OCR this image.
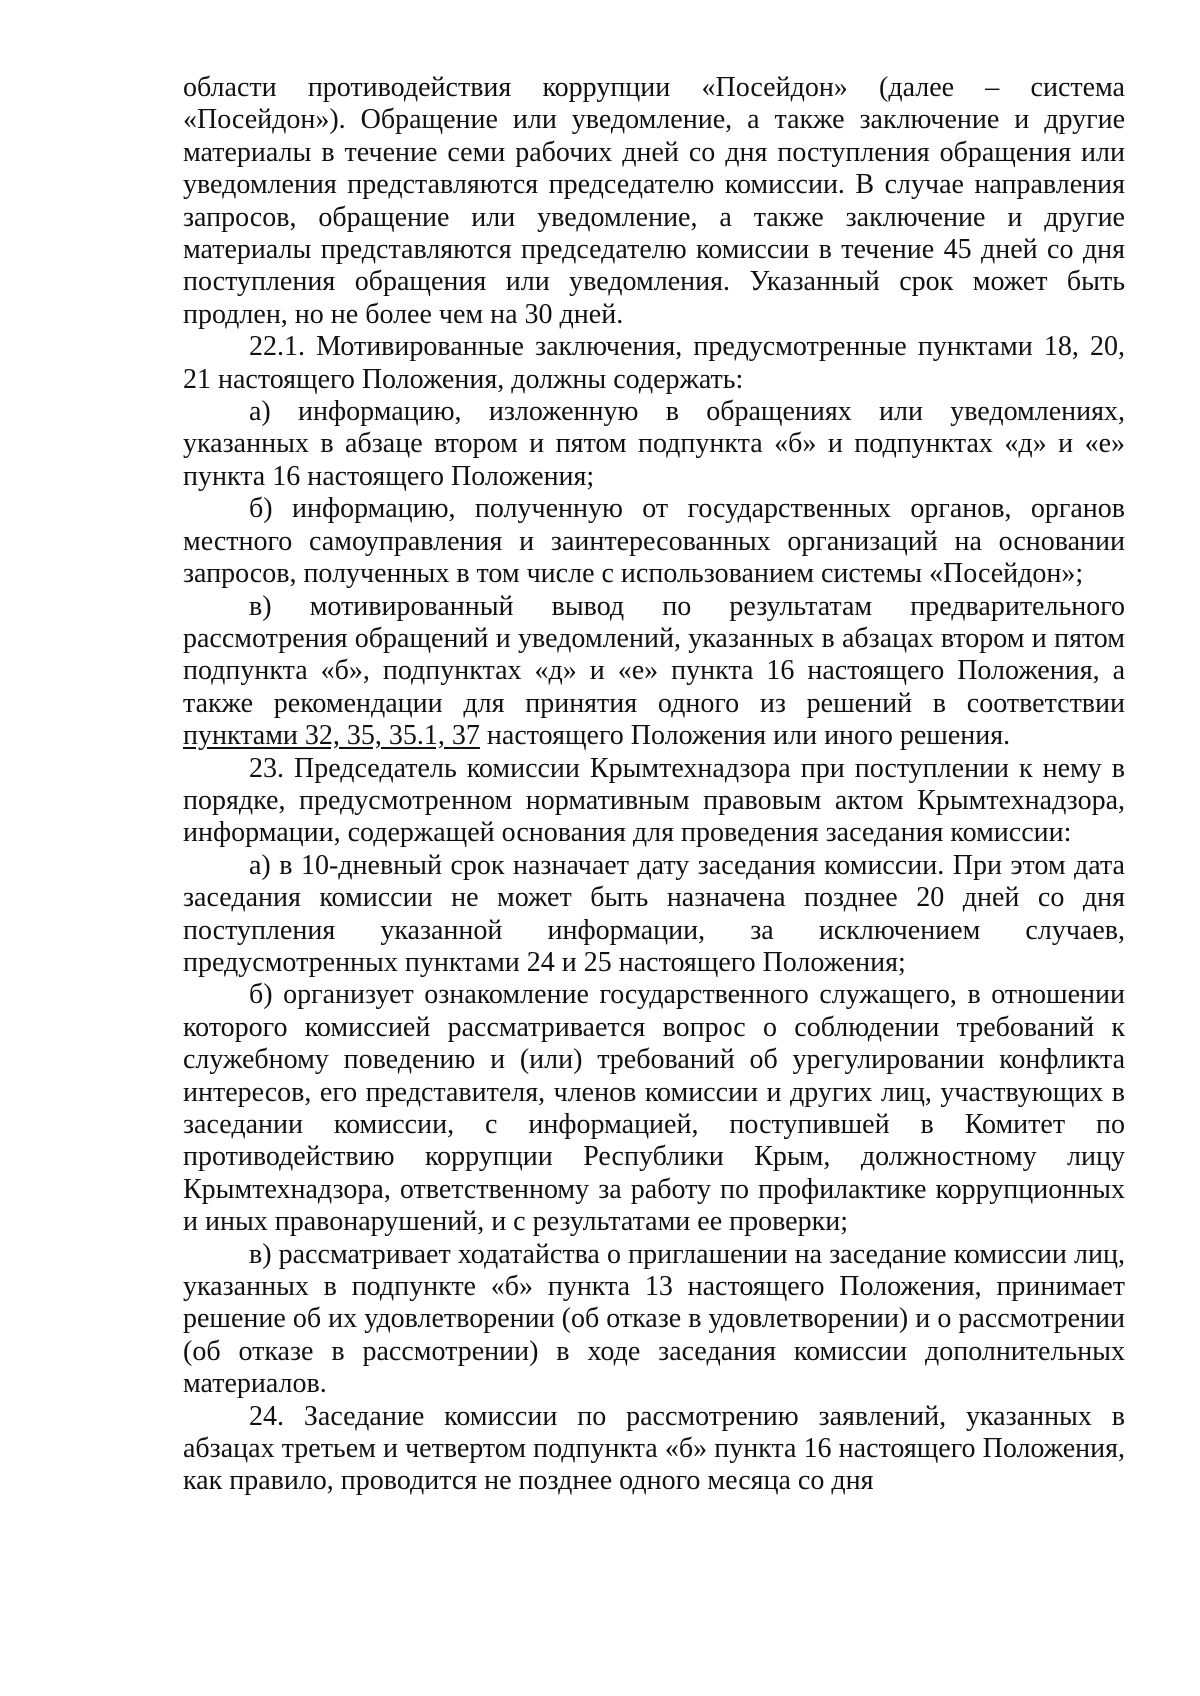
области противодействия коррупции «Посейдон» (далее – система «Посейдон»). Обращение или уведомление, а также заключение и другие материалы в течение семи рабочих дней со дня поступления обращения или уведомления представляются председателю комиссии. В случае направления запросов, обращение или уведомление, а также заключение и другие материалы представляются председателю комиссии в течение 45 дней со дня поступления обращения или уведомления. Указанный срок может быть продлен, но не более чем на 30 дней.

22.1. Мотивированные заключения, предусмотренные пунктами 18, 20, 21 настоящего Положения, должны содержать:

а) информацию, изложенную в обращениях или уведомлениях, указанных в абзаце втором и пятом подпункта «б» и подпунктах «д» и «е» пункта 16 настоящего Положения;

б) информацию, полученную от государственных органов, органов местного самоуправления и заинтересованных организаций на основании запросов, полученных в том числе с использованием системы «Посейдон»;

в) мотивированный вывод по результатам предварительного рассмотрения обращений и уведомлений, указанных в абзацах втором и пятом подпункта «б», подпунктах «д» и «е» пункта 16 настоящего Положения, а также рекомендации для принятия одного из решений в соответствии пунктами 32, 35, 35.1, 37 настоящего Положения или иного решения.

23. Председатель комиссии Крымтехнадзора при поступлении к нему в порядке, предусмотренном нормативным правовым актом Крымтехнадзора, информации, содержащей основания для проведения заседания комиссии:

а) в 10-дневный срок назначает дату заседания комиссии. При этом дата заседания комиссии не может быть назначена позднее 20 дней со дня поступления указанной информации, за исключением случаев, предусмотренных пунктами 24 и 25 настоящего Положения;

б) организует ознакомление государственного служащего, в отношении которого комиссией рассматривается вопрос о соблюдении требований к служебному поведению и (или) требований об урегулировании конфликта интересов, его представителя, членов комиссии и других лиц, участвующих в заседании комиссии, с информацией, поступившей в Комитет по противодействию коррупции Республики Крым, должностному лицу Крымтехнадзора, ответственному за работу по профилактике коррупционных и иных правонарушений, и с результатами ее проверки;

в) рассматривает ходатайства о приглашении на заседание комиссии лиц, указанных в подпункте «б» пункта 13 настоящего Положения, принимает решение об их удовлетворении (об отказе в удовлетворении) и о рассмотрении (об отказе в рассмотрении) в ходе заседания комиссии дополнительных материалов.

24. Заседание комиссии по рассмотрению заявлений, указанных в абзацах третьем и четвертом подпункта «б» пункта 16 настоящего Положения, как правило, проводится не позднее одного месяца со дня
